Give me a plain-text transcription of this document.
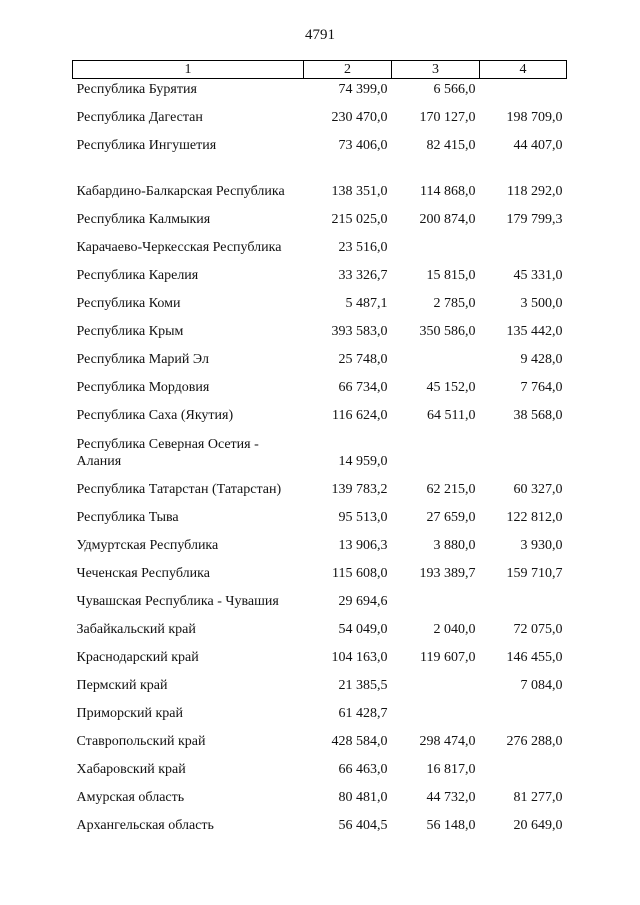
4791
1	2	3	4

Республика Бурятия	74 399,0	6 566,0	

Республика Дагестан	230 470,0	170 127,0	198 709,0

Республика Ингушетия	73 406,0	82 415,0	44 407,0

Кабардино-Балкарская Республика	138 351,0	114 868,0	118 292,0

Республика Калмыкия	215 025,0	200 874,0	179 799,3

Карачаево-Черкесская Республика	23 516,0		

Республика Карелия	33 326,7	15 815,0	45 331,0

Республика Коми	5 487,1	2 785,0	3 500,0

Республика Крым	393 583,0	350 586,0	135 442,0

Республика Марий Эл	25 748,0		9 428,0

Республика Мордовия	66 734,0	45 152,0	7 764,0

Республика Саха (Якутия)	116 624,0	64 511,0	38 568,0

Республика Северная Осетия - Алания	14 959,0		

Республика Татарстан (Татарстан)	139 783,2	62 215,0	60 327,0

Республика Тыва	95 513,0	27 659,0	122 812,0

Удмуртская Республика	13 906,3	3 880,0	3 930,0

Чеченская Республика	115 608,0	193 389,7	159 710,7

Чувашская Республика - Чувашия	29 694,6		

Забайкальский край	54 049,0	2 040,0	72 075,0

Краснодарский край	104 163,0	119 607,0	146 455,0

Пермский край	21 385,5		7 084,0

Приморский край	61 428,7		

Ставропольский край	428 584,0	298 474,0	276 288,0

Хабаровский край	66 463,0	16 817,0	

Амурская область	80 481,0	44 732,0	81 277,0

Архангельская область	56 404,5	56 148,0	20 649,0
